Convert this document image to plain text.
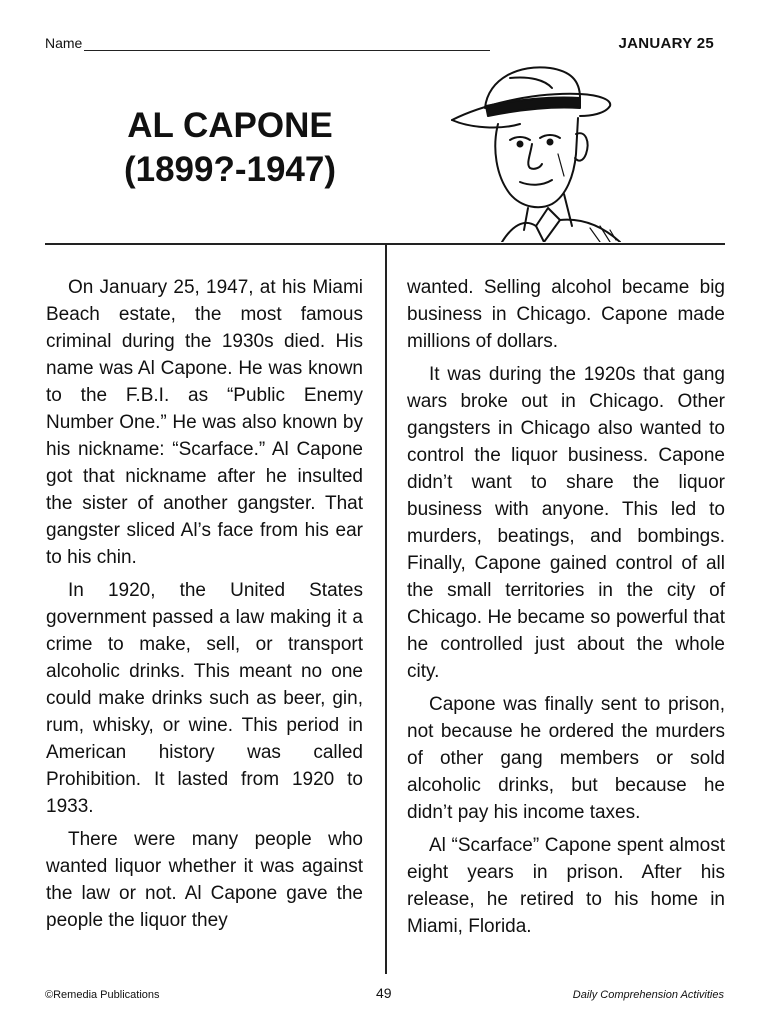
Name	JANUARY 25
AL CAPONE
(1899?-1947)

On January 25, 1947, at his Miami Beach estate, the most famous criminal during the 1930s died. His name was Al Capone. He was known to the F.B.I. as “Public Enemy Number One.” He was also known by his nickname: “Scarface.” Al Capone got that nickname after he insulted the sister of another gangster. That gangster sliced Al’s face from his ear to his chin.

In 1920, the United States government passed a law making it a crime to make, sell, or transport alcoholic drinks. This meant no one could make drinks such as beer, gin, rum, whisky, or wine. This period in American history was called Prohibition. It lasted from 1920 to 1933.

There were many people who wanted liquor whether it was against the law or not. Al Capone gave the people the liquor they

wanted. Selling alcohol became big business in Chicago. Capone made millions of dollars.

It was during the 1920s that gang wars broke out in Chicago. Other gangsters in Chicago also wanted to control the liquor business. Capone didn’t want to share the liquor business with anyone. This led to murders, beatings, and bombings. Finally, Capone gained control of all the small territories in the city of Chicago. He became so powerful that he controlled just about the whole city.

Capone was finally sent to prison, not because he ordered the murders of other gang members or sold alcoholic drinks, but because he didn’t pay his income taxes.

Al “Scarface” Capone spent almost eight years in prison. After his release, he retired to his home in Miami, Florida.

©Remedia Publications	49	Daily Comprehension Activities
